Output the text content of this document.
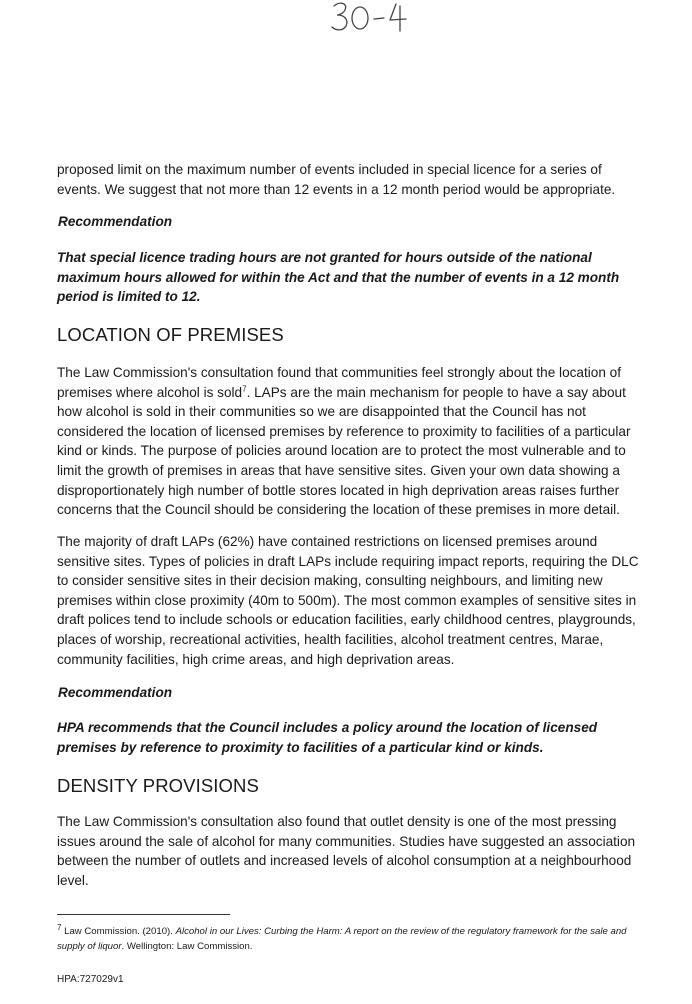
proposed limit on the maximum number of events included in special licence for a series of events. We suggest that not more than 12 events in a 12 month period would be appropriate.

Recommendation

That special licence trading hours are not granted for hours outside of the national maximum hours allowed for within the Act and that the number of events in a 12 month period is limited to 12.

LOCATION OF PREMISES

The Law Commission's consultation found that communities feel strongly about the location of premises where alcohol is sold$^7$. LAPs are the main mechanism for people to have a say about how alcohol is sold in their communities so we are disappointed that the Council has not considered the location of licensed premises by reference to proximity to facilities of a particular kind or kinds. The purpose of policies around location are to protect the most vulnerable and to limit the growth of premises in areas that have sensitive sites. Given your own data showing a disproportionately high number of bottle stores located in high deprivation areas raises further concerns that the Council should be considering the location of these premises in more detail.

The majority of draft LAPs (62%) have contained restrictions on licensed premises around sensitive sites. Types of policies in draft LAPs include requiring impact reports, requiring the DLC to consider sensitive sites in their decision making, consulting neighbours, and limiting new premises within close proximity (40m to 500m). The most common examples of sensitive sites in draft polices tend to include schools or education facilities, early childhood centres, playgrounds, places of worship, recreational activities, health facilities, alcohol treatment centres, Marae, community facilities, high crime areas, and high deprivation areas.

Recommendation

HPA recommends that the Council includes a policy around the location of licensed premises by reference to proximity to facilities of a particular kind or kinds.

DENSITY PROVISIONS

The Law Commission's consultation also found that outlet density is one of the most pressing issues around the sale of alcohol for many communities. Studies have suggested an association between the number of outlets and increased levels of alcohol consumption at a neighbourhood level.

$^7$ Law Commission. (2010). Alcohol in our Lives: Curbing the Harm: A report on the review of the regulatory framework for the sale and supply of liquor. Wellington: Law Commission.

HPA:727029v1
